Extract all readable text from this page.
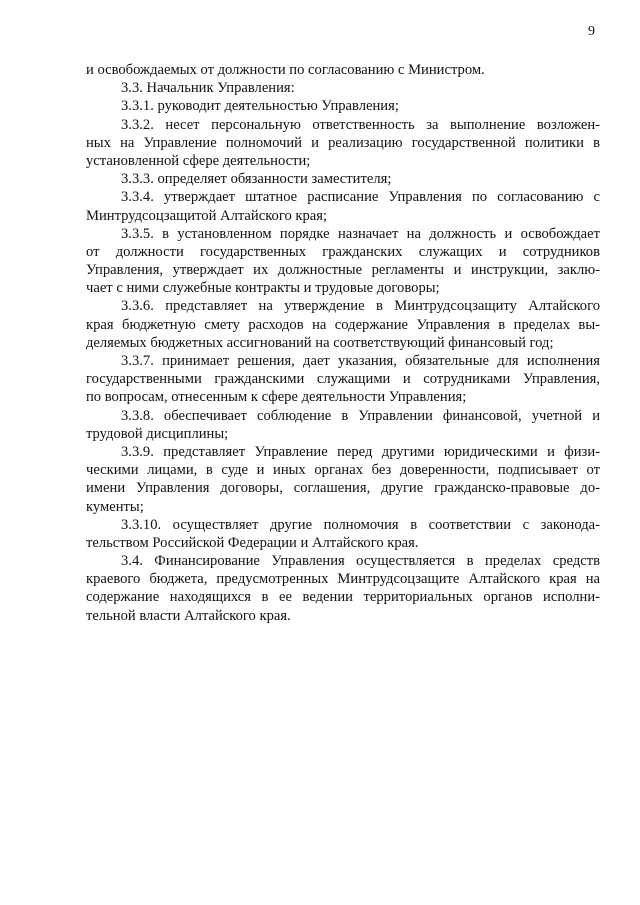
9
и освобождаемых от должности по согласованию с Министром.
3.3. Начальник Управления:
3.3.1. руководит деятельностью Управления;
3.3.2. несет персональную ответственность за выполнение возложен-
ных на Управление полномочий и реализацию государственной политики в
установленной сфере деятельности;
3.3.3. определяет обязанности заместителя;
3.3.4. утверждает штатное расписание Управления по согласованию с
Минтрудсоцзащитой Алтайского края;
3.3.5. в установленном порядке назначает на должность и освобождает
от должности государственных гражданских служащих и сотрудников
Управления, утверждает их должностные регламенты и инструкции, заклю-
чает с ними служебные контракты и трудовые договоры;
3.3.6. представляет на утверждение в Минтрудсоцзащиту Алтайского
края бюджетную смету расходов на содержание Управления в пределах вы-
деляемых бюджетных ассигнований на соответствующий финансовый год;
3.3.7. принимает решения, дает указания, обязательные для исполнения
государственными гражданскими служащими и сотрудниками Управления,
по вопросам, отнесенным к сфере деятельности Управления;
3.3.8. обеспечивает соблюдение в Управлении финансовой, учетной и
трудовой дисциплины;
3.3.9. представляет Управление перед другими юридическими и физи-
ческими лицами, в суде и иных органах без доверенности, подписывает от
имени Управления договоры, соглашения, другие гражданско-правовые до-
кументы;
3.3.10. осуществляет другие полномочия в соответствии с законода-
тельством Российской Федерации и Алтайского края.
3.4. Финансирование Управления осуществляется в пределах средств
краевого бюджета, предусмотренных Минтрудсоцзащите Алтайского края на
содержание находящихся в ее ведении территориальных органов исполни-
тельной власти Алтайского края.
